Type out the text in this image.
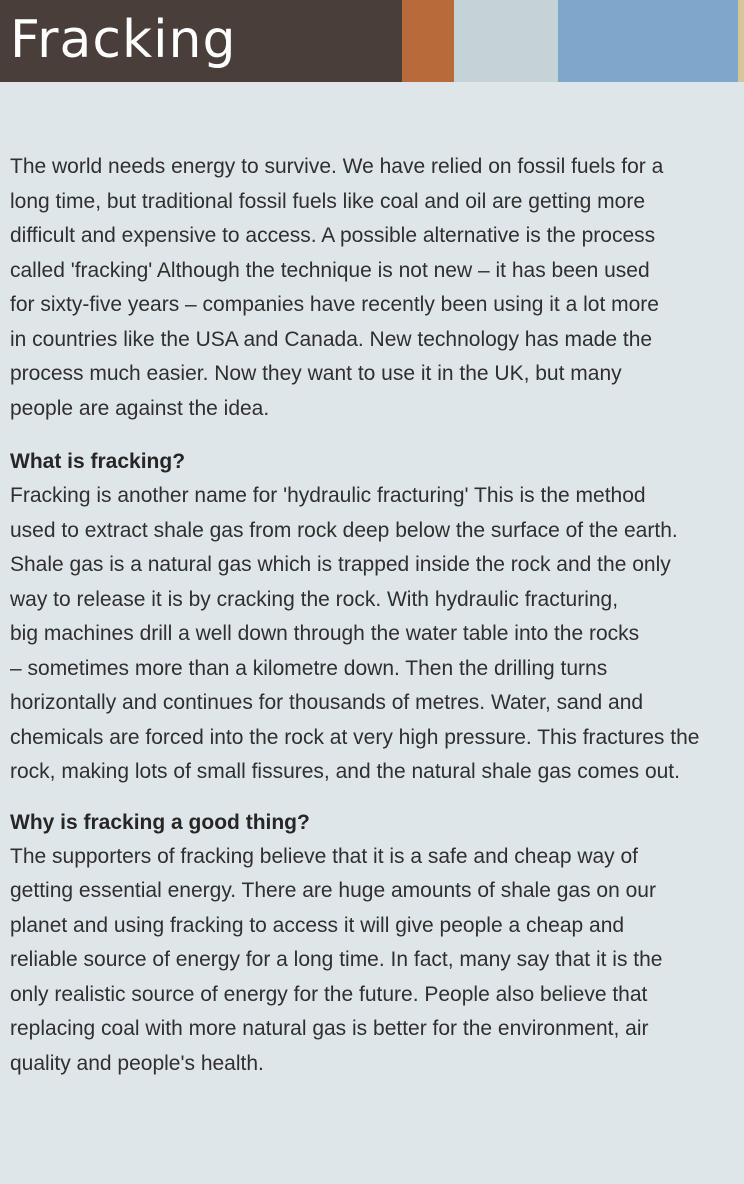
Fracking

The world needs energy to survive. We have relied on fossil fuels for a
long time, but traditional fossil fuels like coal and oil are getting more
difficult and expensive to access. A possible alternative is the process
called 'fracking' Although the technique is not new – it has been used
for sixty-five years – companies have recently been using it a lot more
in countries like the USA and Canada. New technology has made the
process much easier. Now they want to use it in the UK, but many
people are against the idea.

What is fracking?

Fracking is another name for 'hydraulic fracturing' This is the method
used to extract shale gas from rock deep below the surface of the earth.
Shale gas is a natural gas which is trapped inside the rock and the only
way to release it is by cracking the rock. With hydraulic fracturing,
big machines drill a well down through the water table into the rocks
– sometimes more than a kilometre down. Then the drilling turns
horizontally and continues for thousands of metres. Water, sand and
chemicals are forced into the rock at very high pressure. This fractures the
rock, making lots of small fissures, and the natural shale gas comes out.

Why is fracking a good thing?

The supporters of fracking believe that it is a safe and cheap way of
getting essential energy. There are huge amounts of shale gas on our
planet and using fracking to access it will give people a cheap and
reliable source of energy for a long time. In fact, many say that it is the
only realistic source of energy for the future. People also believe that
replacing coal with more natural gas is better for the environment, air
quality and people's health.
